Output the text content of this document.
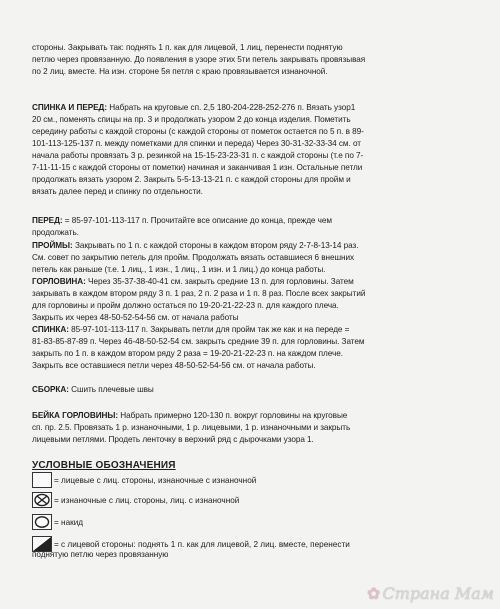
стороны. Закрывать так: поднять 1 п. как для лицевой, 1 лиц, перенести поднятую
петлю через провязанную. До появления в узоре этих 5ти петель закрывать провязывая
по 2 лиц. вместе. На изн. стороне 5я петля с краю провязывается изнаночной.
СПИНКА И ПЕРЕД: Набрать на круговые сп. 2,5 180-204-228-252-276 п. Вязать узор1
20 см., поменять спицы на пр. 3 и продолжать узором 2 до конца изделия. Пометить
середину работы с каждой стороны (с каждой стороны от пометок остается по 5 п. в 89-
101-113-125-137 п. между пометками для спинки и переда) Через 30-31-32-33-34 см. от
начала работы провязать 3 р. резинкой на 15-15-23-23-31 п. с каждой стороны (т.е по 7-
7-11-11-15 с каждой стороны от пометки) начиная и заканчивая 1 изн. Остальные петли
продолжать вязать узором 2. Закрыть 5-5-13-13-21 п. с каждой стороны для пройм и
вязать далее перед и спинку по отдельности.
ПЕРЕД: = 85-97-101-113-117 п. Прочитайте все описание до конца, прежде чем
продолжать.
ПРОЙМЫ: Закрывать по 1 п. с каждой стороны в каждом втором ряду 2-7-8-13-14 раз.
См. совет по закрытию петель для пройм. Продолжать вязать оставшиеся 6 внешних
петель как раньше (т.е. 1 лиц., 1 изн., 1 лиц., 1 изн. и 1 лиц.) до конца работы.
ГОРЛОВИНА: Через 35-37-38-40-41 см. закрыть средние 13 п. для горловины. Затем
закрывать в каждом втором ряду 3 п. 1 раз, 2 п. 2 раза и 1 п. 8 раз. После всех закрытий
для горловины и пройм должно остаться по 19-20-21-22-23 п. для каждого плеча.
Закрыть их через 48-50-52-54-56 см. от начала работы
СПИНКА: 85-97-101-113-117 п. Закрывать петли для пройм так же как и на переде =
81-83-85-87-89 п. Через 46-48-50-52-54 см. закрыть средние 39 п. для горловины. Затем
закрыть по 1 п. в каждом втором ряду 2 раза = 19-20-21-22-23 п. на каждом плече.
Закрыть все оставшиеся петли через 48-50-52-54-56 см. от начала работы.
СБОРКА: Сшить плечевые швы
БЕЙКА ГОРЛОВИНЫ: Набрать примерно 120-130 п. вокруг горловины на круговые
сп. пр. 2.5. Провязать 1 р. изнаночными, 1 р. лицевыми, 1 р. изнаночными и закрыть
лицевыми петлями. Продеть ленточку в верхний ряд с дырочками узора 1.
УСЛОВНЫЕ ОБОЗНАЧЕНИЯ
= лицевые с лиц. стороны, изнаночные с изнаночной
= изнаночные с лиц. стороны, лиц. с изнаночной
= накид
= с лицевой стороны: поднять 1 п. как для лицевой, 2 лиц. вместе, перенести
поднятую петлю через провязанную
✿ Страна Мам
